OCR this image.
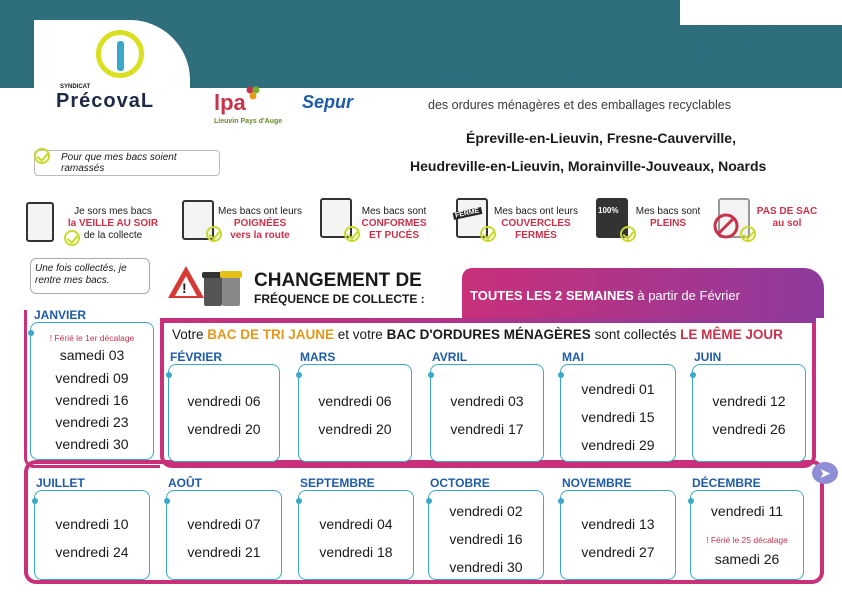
SYNDICAT
PrécovaL	lpa
Lieuvin Pays d'Auge
Sepur
2026
Jours de collecte
des ordures ménagères et des emballages recyclables
Épreville-en-Lieuvin, Fresne-Cauverville,
Heudreville-en-Lieuvin, Morainville-Jouveaux, Noards
Pour que mes bacs soient ramassés
Je sors mes bacs
la VEILLE AU SOIR
de la collecte
Mes bacs ont leurs
POIGNÉES
vers la route
Mes bacs sont
CONFORMES
ET PUCÉS
FERMÉ	Mes bacs ont leurs
COUVERCLES
FERMÉS
100%	Mes bacs sont
PLEINS
PAS DE SAC
au sol
Une fois collectés, je rentre mes bacs.	!	CHANGEMENT DE
FRÉQUENCE DE COLLECTE :	TOUTES LES 2 SEMAINES à partir de Février
➤
Votre BAC DE TRI JAUNE et votre BAC D'ORDURES MÉNAGÈRES sont collectés LE MÊME JOUR
JANVIER
! Férié le 1er décalage
samedi 03
vendredi 09
vendredi 16
vendredi 23
vendredi 30
FÉVRIER
vendredi 06
vendredi 20
MARS
vendredi 06
vendredi 20
AVRIL
vendredi 03
vendredi 17
MAI
vendredi 01
vendredi 15
vendredi 29
JUIN
vendredi 12
vendredi 26
JUILLET
vendredi 10
vendredi 24
AOÛT
vendredi 07
vendredi 21
SEPTEMBRE
vendredi 04
vendredi 18
OCTOBRE
vendredi 02
vendredi 16
vendredi 30
NOVEMBRE
vendredi 13
vendredi 27
DÉCEMBRE
vendredi 11
! Férié le 25 décalage
samedi 26
